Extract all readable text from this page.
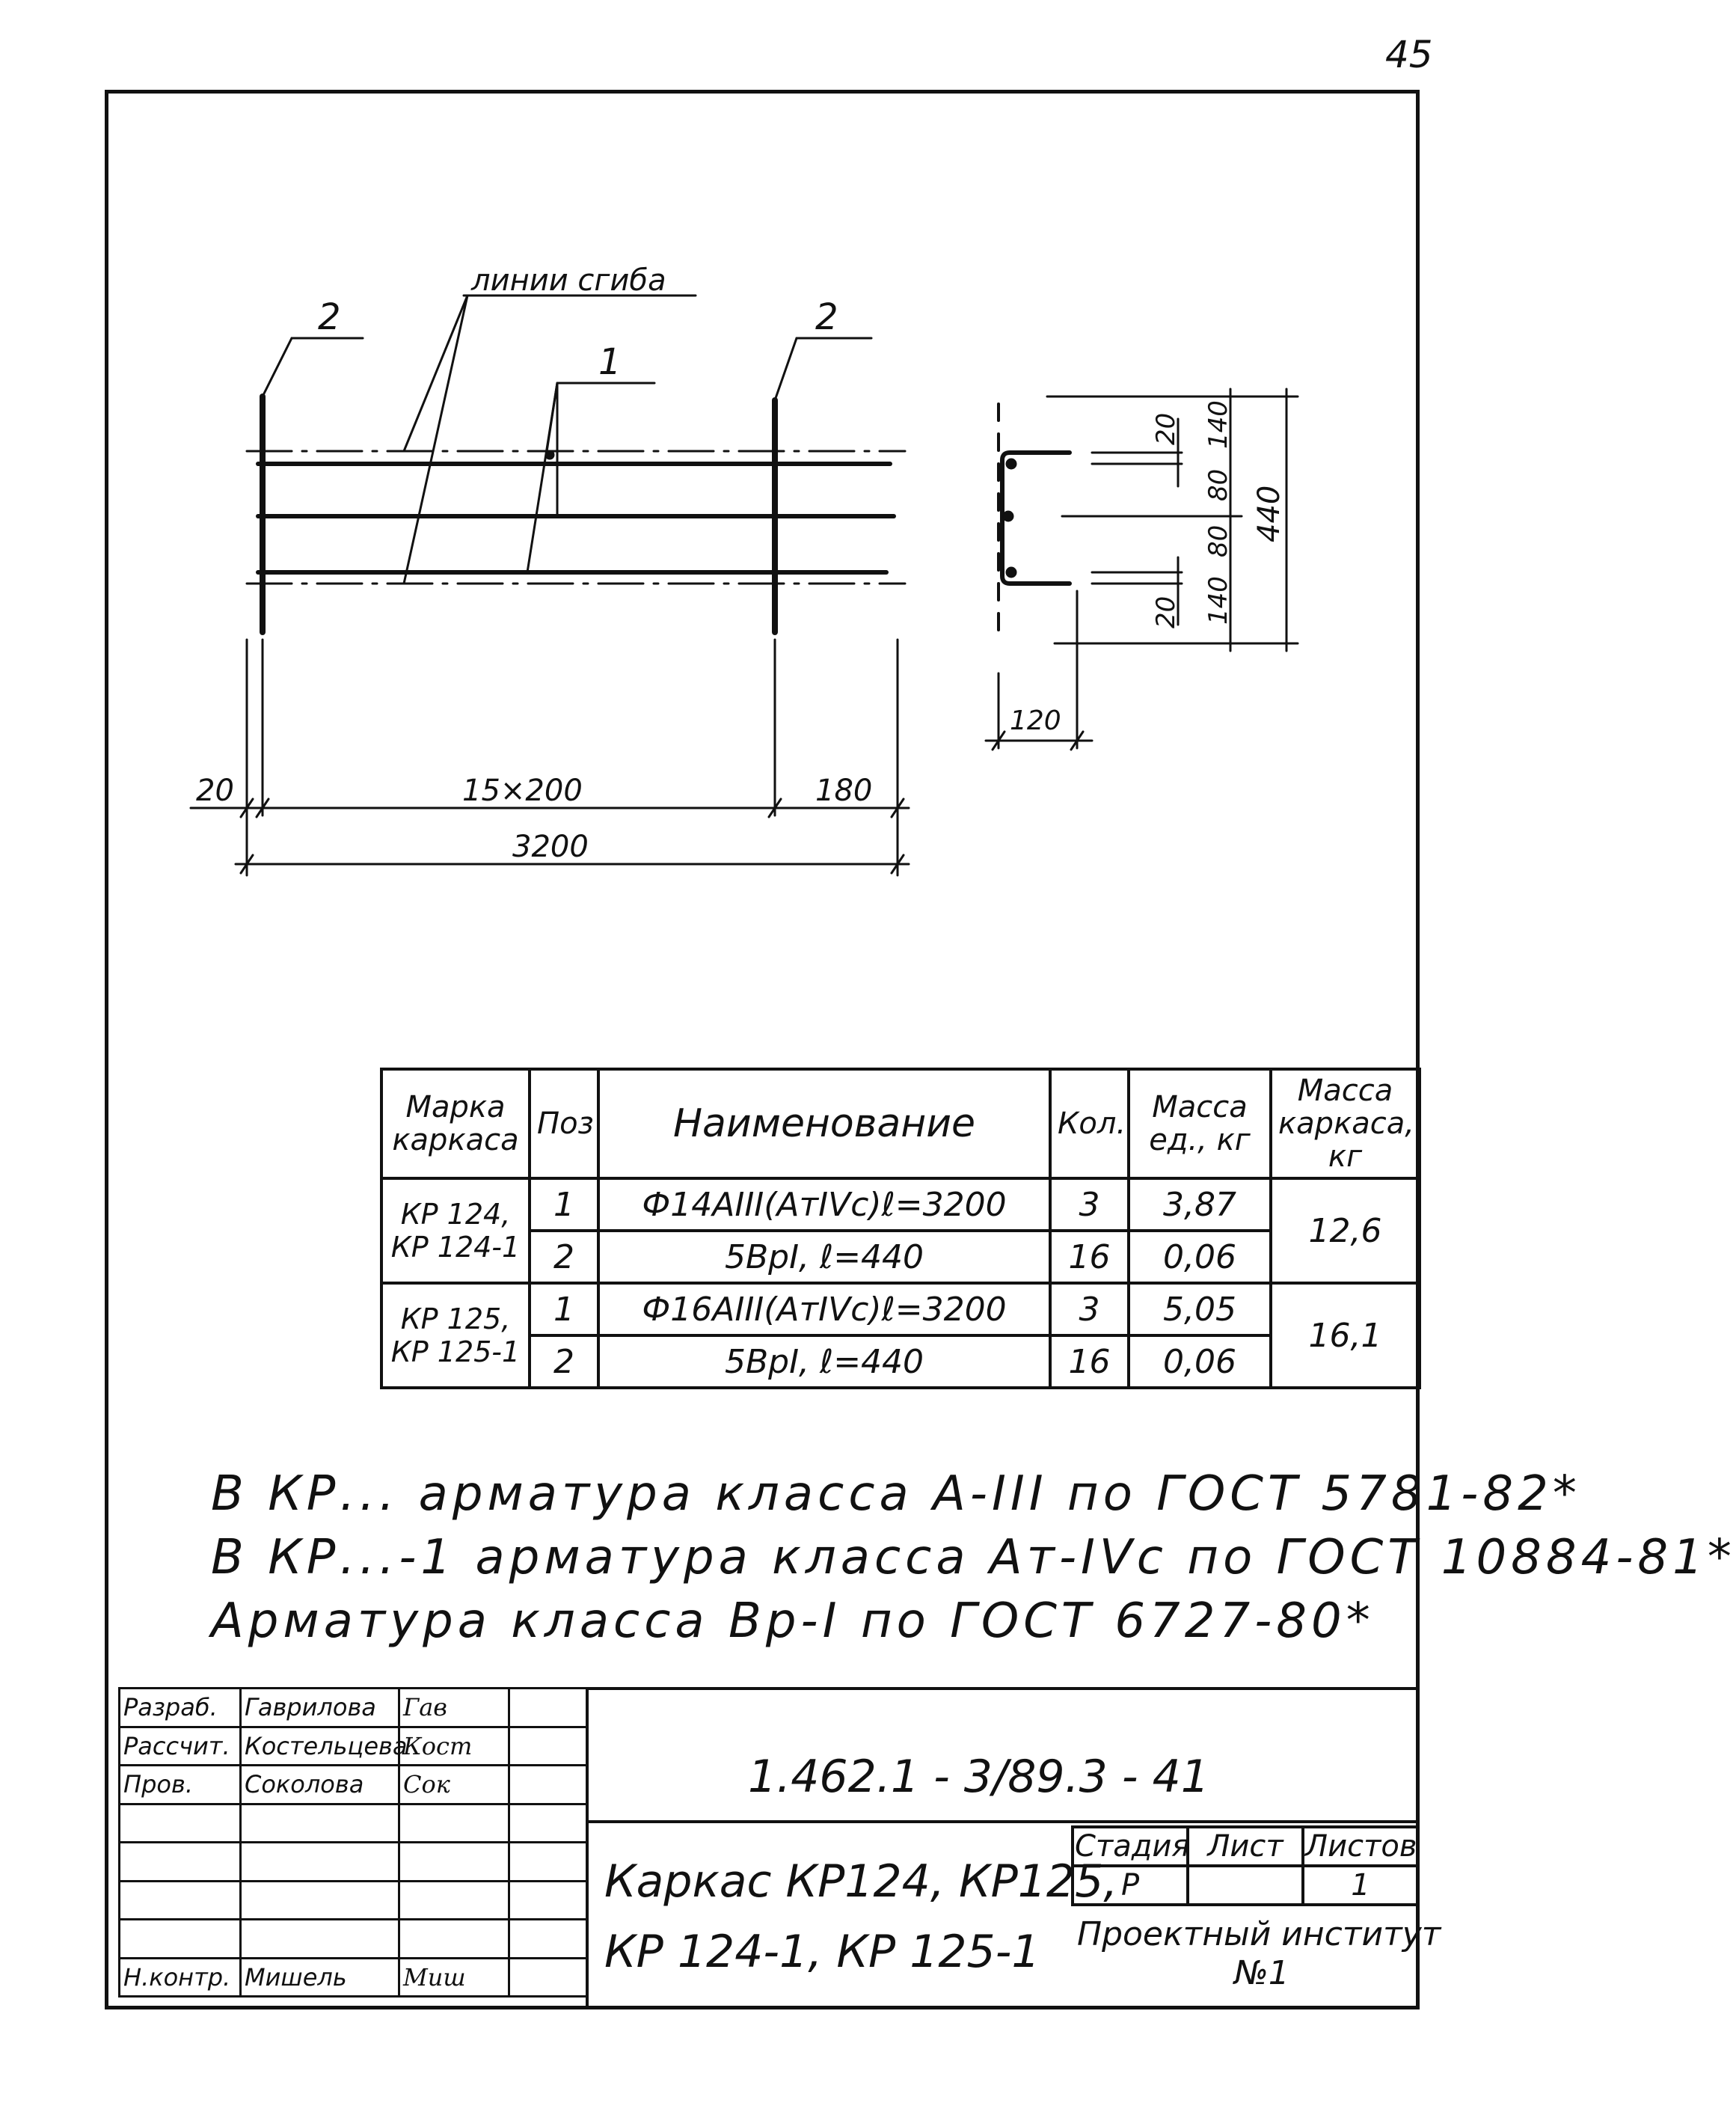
45
линии сгиба
1
2	2
20	15×200	180
3200
20
20
140
80
80
140
440
120
Марка каркаса	Поз	Наименование	Кол.	Масса ед., кг	Масса каркаса, кг
КР 124, КР 124-1	1	Ф14АIII(АтIVc)ℓ=3200	3	3,87	12,6
	2	5ВрI, ℓ=440	16	0,06	
КР 125, КР 125-1	1	Ф16АIII(АтIVc)ℓ=3200	3	5,05	16,1
	2	5ВрI, ℓ=440	16	0,06	
В КР... арматура класса А-III по ГОСТ 5781-82*
В КР...-1 арматура класса Ат-IVс по ГОСТ 10884-81*
Арматура класса Вр-I по ГОСТ 6727-80*
Разраб.	Гаврилова	Гав	
Рассчит.	Костельцева	Кост	
Пров.	Соколова	Сок	

Н.контр.	Мишель	Миш	
1.462.1 - 3/89.3 - 41
Каркас КР124, КР125,
КР 124-1, КР 125-1
Стадия	Лист	Листов
Р		1
Проектный институт
№1
